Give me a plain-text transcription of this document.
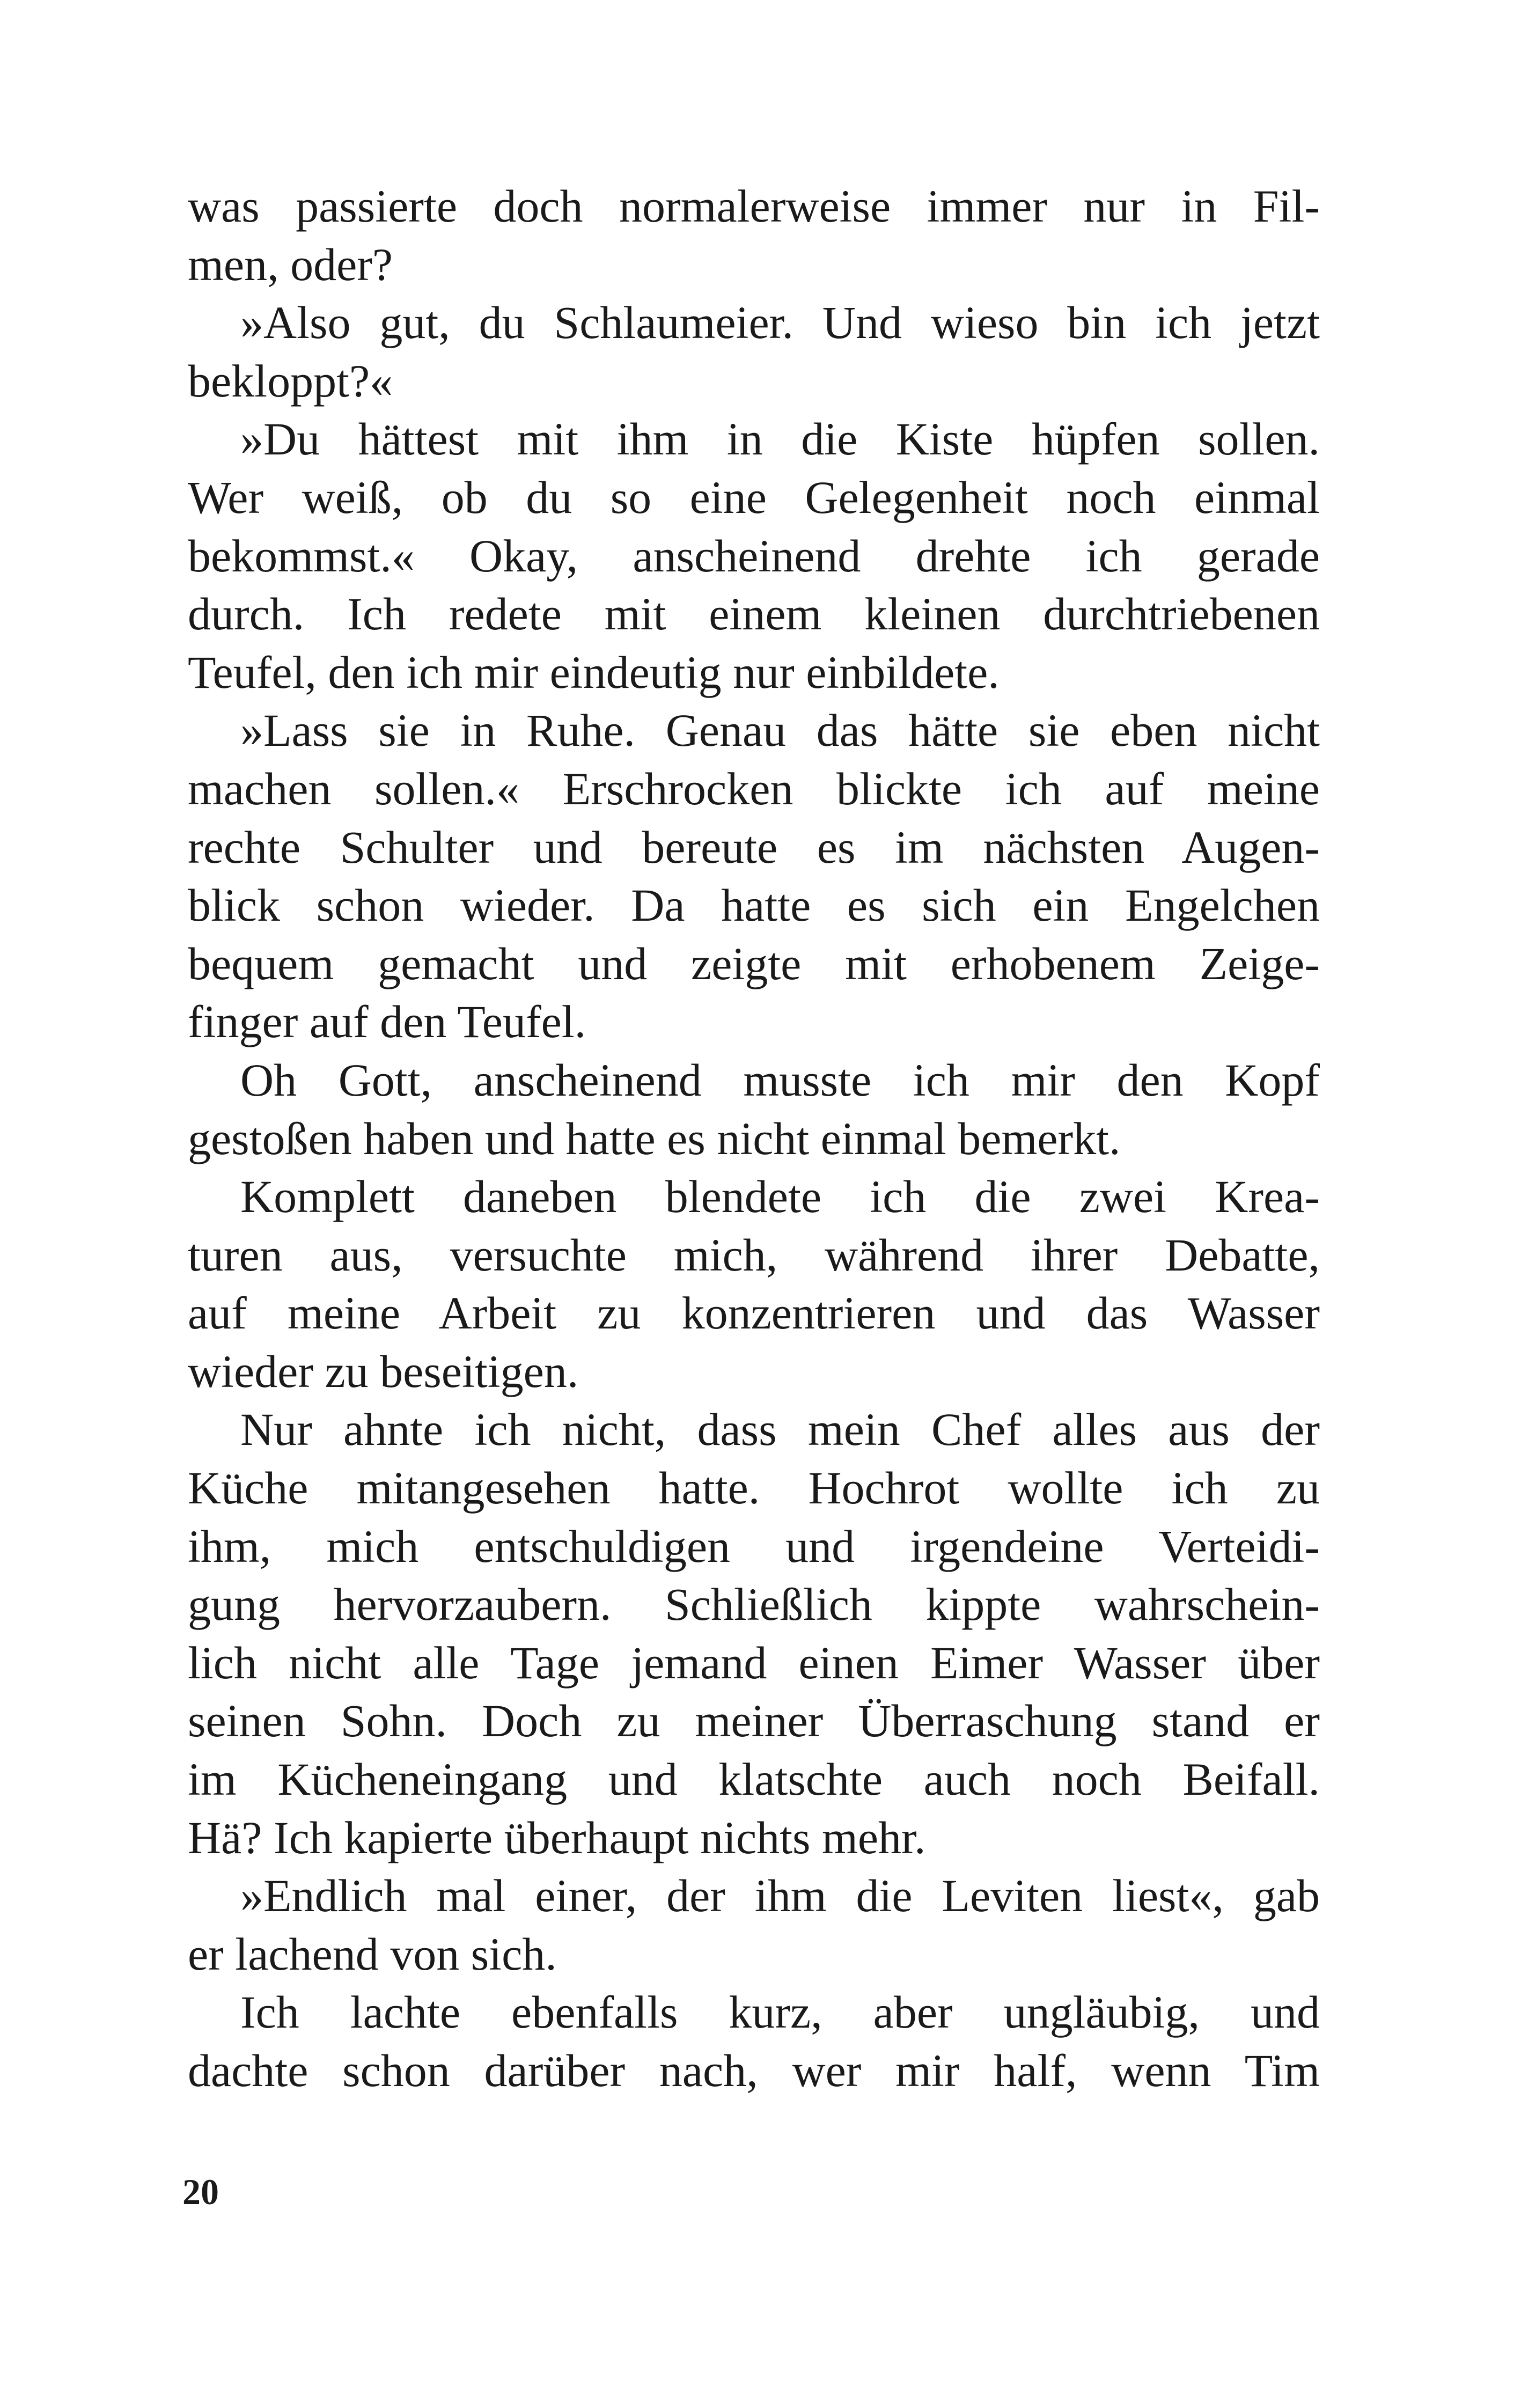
was passierte doch normalerweise immer nur in Fil-
men, oder?
»Also gut, du Schlaumeier. Und wieso bin ich jetzt
bekloppt?«
»Du hättest mit ihm in die Kiste hüpfen sollen.
Wer weiß, ob du so eine Gelegenheit noch einmal
bekommst.« Okay, anscheinend drehte ich gerade
durch. Ich redete mit einem kleinen durchtriebenen
Teufel, den ich mir eindeutig nur einbildete.
»Lass sie in Ruhe. Genau das hätte sie eben nicht
machen sollen.« Erschrocken blickte ich auf meine
rechte Schulter und bereute es im nächsten Augen-
blick schon wieder. Da hatte es sich ein Engelchen
bequem gemacht und zeigte mit erhobenem Zeige-
finger auf den Teufel.
Oh Gott, anscheinend musste ich mir den Kopf
gestoßen haben und hatte es nicht einmal bemerkt.
Komplett daneben blendete ich die zwei Krea-
turen aus, versuchte mich, während ihrer Debatte,
auf meine Arbeit zu konzentrieren und das Wasser
wieder zu beseitigen.
Nur ahnte ich nicht, dass mein Chef alles aus der
Küche mitangesehen hatte. Hochrot wollte ich zu
ihm, mich entschuldigen und irgendeine Verteidi-
gung hervorzaubern. Schließlich kippte wahrschein-
lich nicht alle Tage jemand einen Eimer Wasser über
seinen Sohn. Doch zu meiner Überraschung stand er
im Kücheneingang und klatschte auch noch Beifall.
Hä? Ich kapierte überhaupt nichts mehr.
»Endlich mal einer, der ihm die Leviten liest«, gab
er lachend von sich.
Ich lachte ebenfalls kurz, aber ungläubig, und
dachte schon darüber nach, wer mir half, wenn Tim
20
